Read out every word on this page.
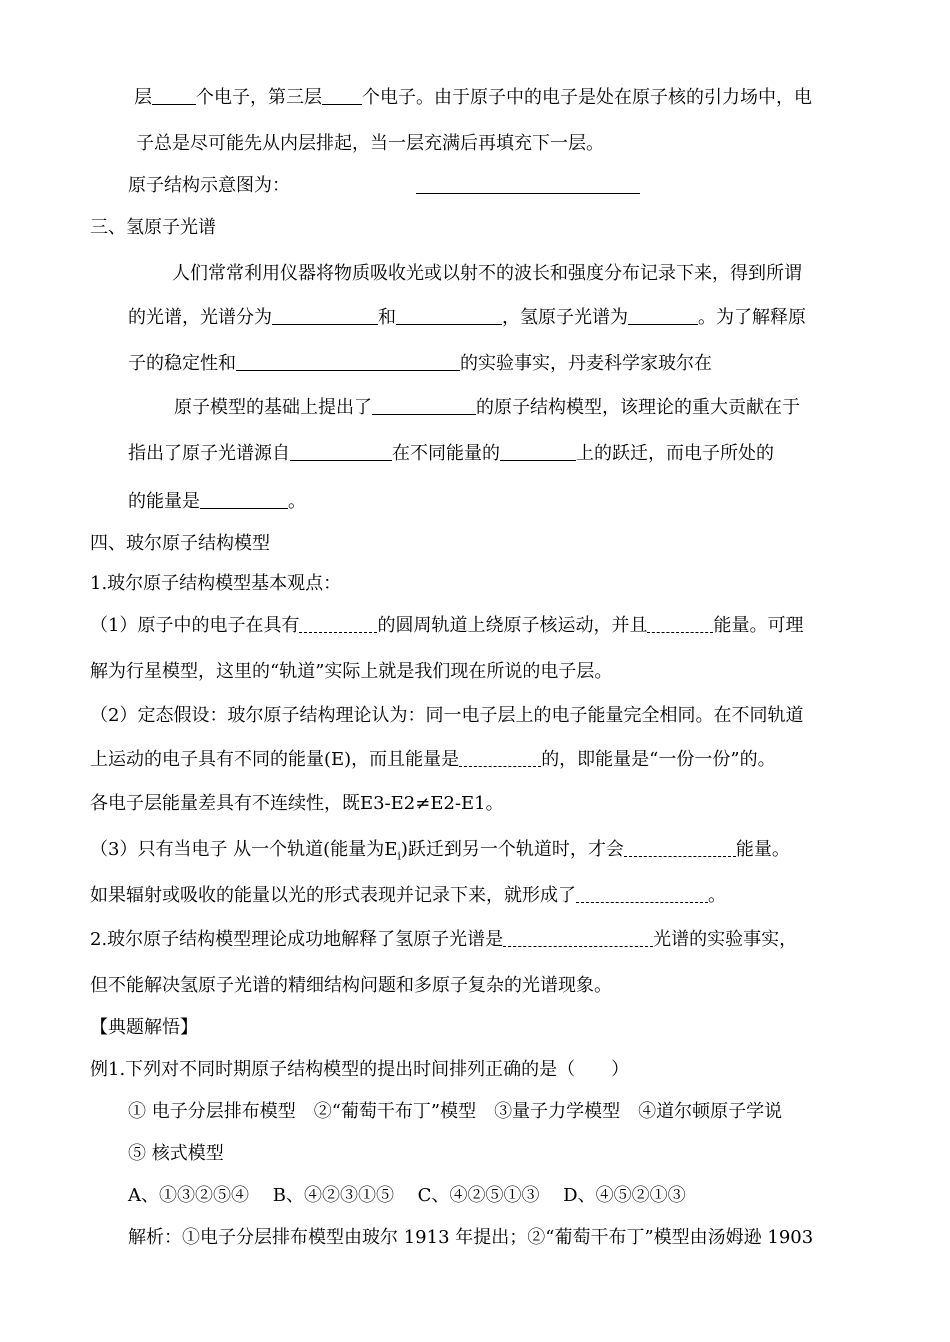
层 个电子，第三层 个电子。由于原子中的电子是处在原子核的引力场中，电
子总是尽可能先从内层排起，当一层充满后再填充下一层。
原子结构示意图为：
三、氢原子光谱
人们常常利用仪器将物质吸收光或以射不的波长和强度分布记录下来，得到所谓
的光谱，光谱分为	和	，氢原子光谱为	。为了解释原
子的稳定性和	的实验事实，丹麦科学家玻尔在
原子模型的基础上提出了	的原子结构模型，该理论的重大贡献在于
指出了原子光谱源自	在不同能量的	上的跃迁，而电子所处的
的能量是	。
四、玻尔原子结构模型
1.玻尔原子结构模型基本观点：
（1）原子中的电子在具有	的圆周轨道上绕原子核运动，并且	能量。可理
解为行星模型，这里的“轨道”实际上就是我们现在所说的电子层。
（2）定态假设：玻尔原子结构理论认为：同一电子层上的电子能量完全相同。在不同轨道
上运动的电子具有不同的能量(E)，而且能量是	的，即能量是“一份一份”的。
各电子层能量差具有不连续性，既E3-E2≠E2-E1。
（3）只有当电子 从一个轨道(能量为$E_i$)跃迁到另一个轨道时，才会	能量。
如果辐射或吸收的能量以光的形式表现并记录下来，就形成了	。
2.玻尔原子结构模型理论成功地解释了氢原子光谱是	光谱的实验事实，
但不能解决氢原子光谱的精细结构问题和多原子复杂的光谱现象。
【典题解悟】
例1.下列对不同时期原子结构模型的提出时间排列正确的是（　　）
① 电子分层排布模型　②“葡萄干布丁”模型　③量子力学模型　④道尔顿原子学说
⑤ 核式模型
A、①③②⑤④　 B、④②③①⑤　 C、④②⑤①③　 D、④⑤②①③
解析：①电子分层排布模型由玻尔 1913 年提出；②“葡萄干布丁”模型由汤姆逊 1903
